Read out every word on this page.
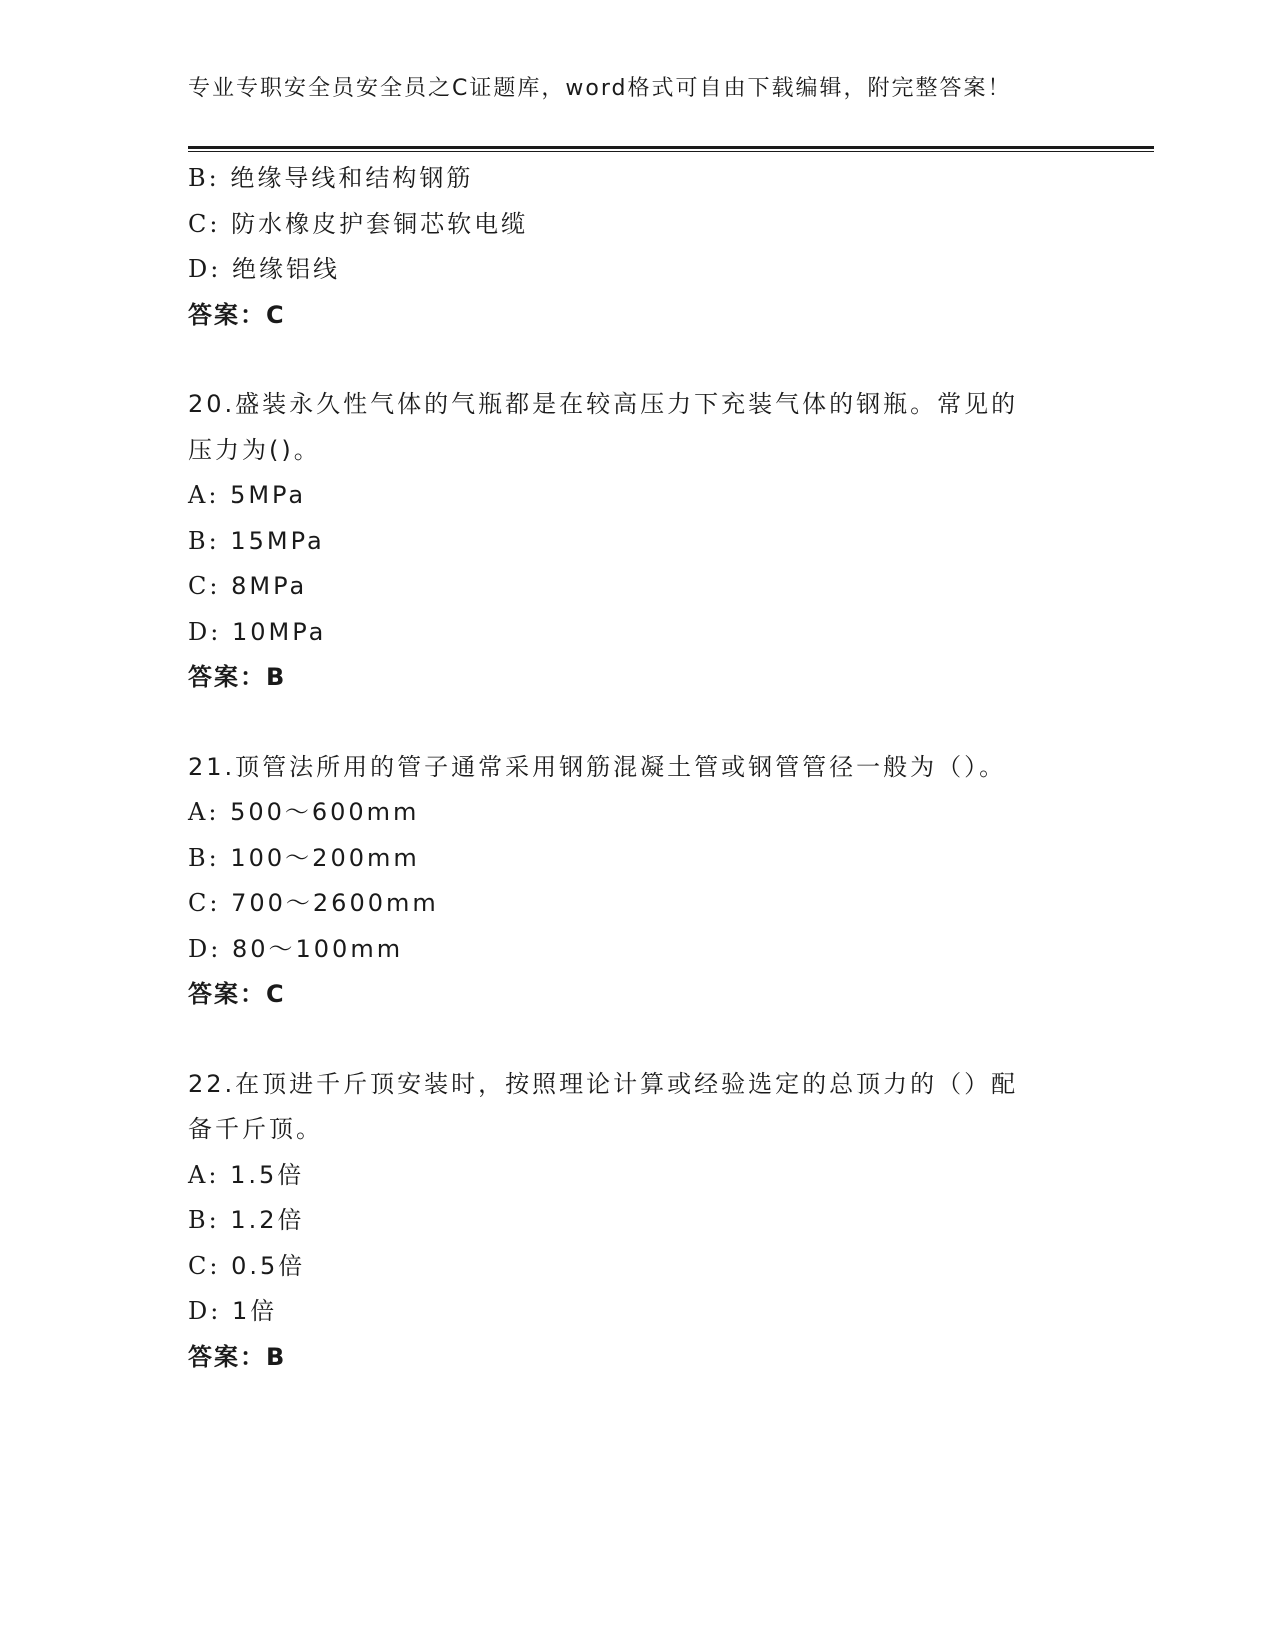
专业专职安全员安全员之C证题库，word格式可自由下载编辑，附完整答案！
B: 绝缘导线和结构钢筋
C: 防水橡皮护套铜芯软电缆
D: 绝缘铝线
答案：C
20.盛装永久性气体的气瓶都是在较高压力下充装气体的钢瓶。常见的
压力为()。
A: 5MPa
B: 15MPa
C: 8MPa
D: 10MPa
答案：B
21.顶管法所用的管子通常采用钢筋混凝土管或钢管管径一般为（）。
A: 500～600mm
B: 100～200mm
C: 700～2600mm
D: 80～100mm
答案：C
22.在顶进千斤顶安装时，按照理论计算或经验选定的总顶力的（）配
备千斤顶。
A: 1.5倍
B: 1.2倍
C: 0.5倍
D: 1倍
答案：B
